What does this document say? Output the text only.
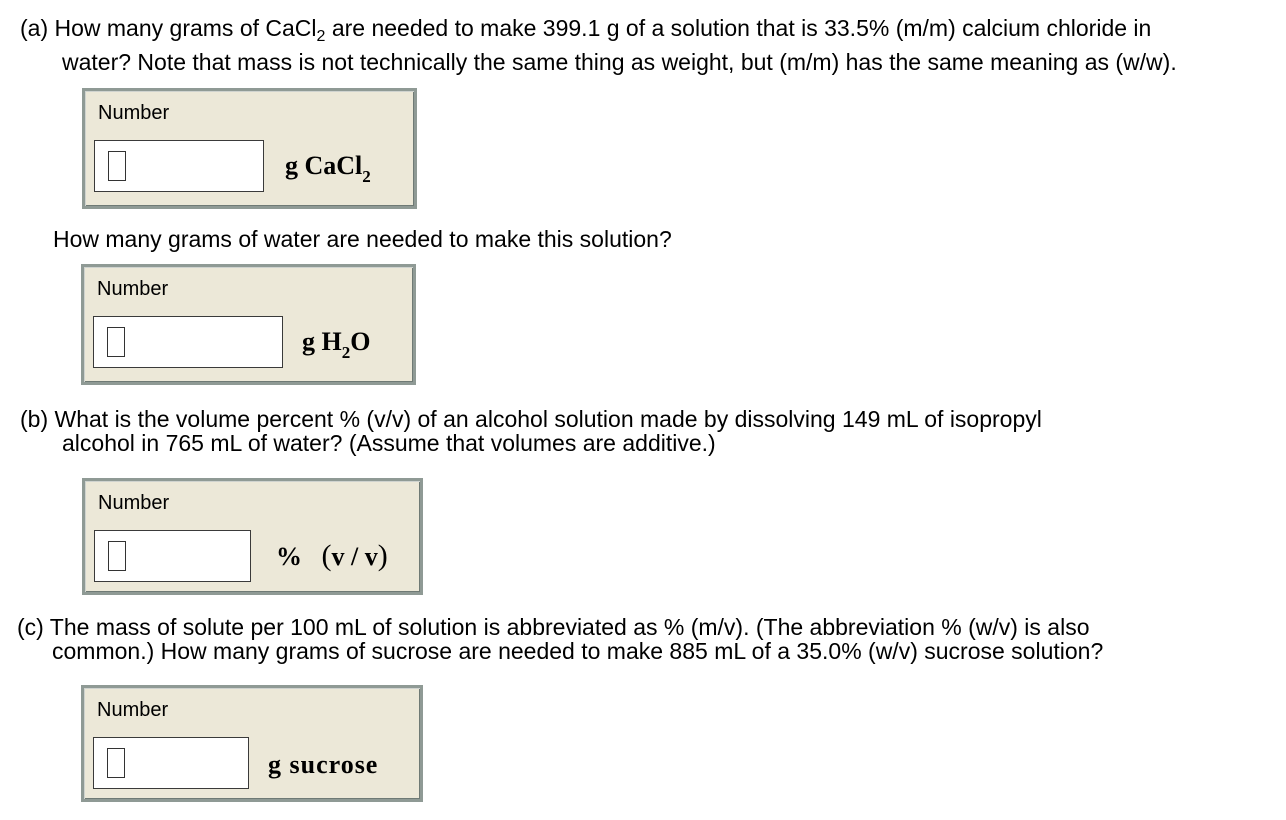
(a) How many grams of CaCl$_2$ are needed to make 399.1 g of a solution that is 33.5% (m/m) calcium chloride in
water? Note that mass is not technically the same thing as weight, but (m/m) has the same meaning as (w/w).
Number
g CaCl$_2$
How many grams of water are needed to make this solution?
Number
g $H_2O$
(b) What is the volume percent % (v/v) of an alcohol solution made by dissolving 149 mL of isopropyl
alcohol in 765 mL of water? (Assume that volumes are additive.)
Number
% (v / v)
(c) The mass of solute per 100 mL of solution is abbreviated as % (m/v). (The abbreviation % (w/v) is also
common.) How many grams of sucrose are needed to make 885 mL of a 35.0% (w/v) sucrose solution?
Number
g sucrose
